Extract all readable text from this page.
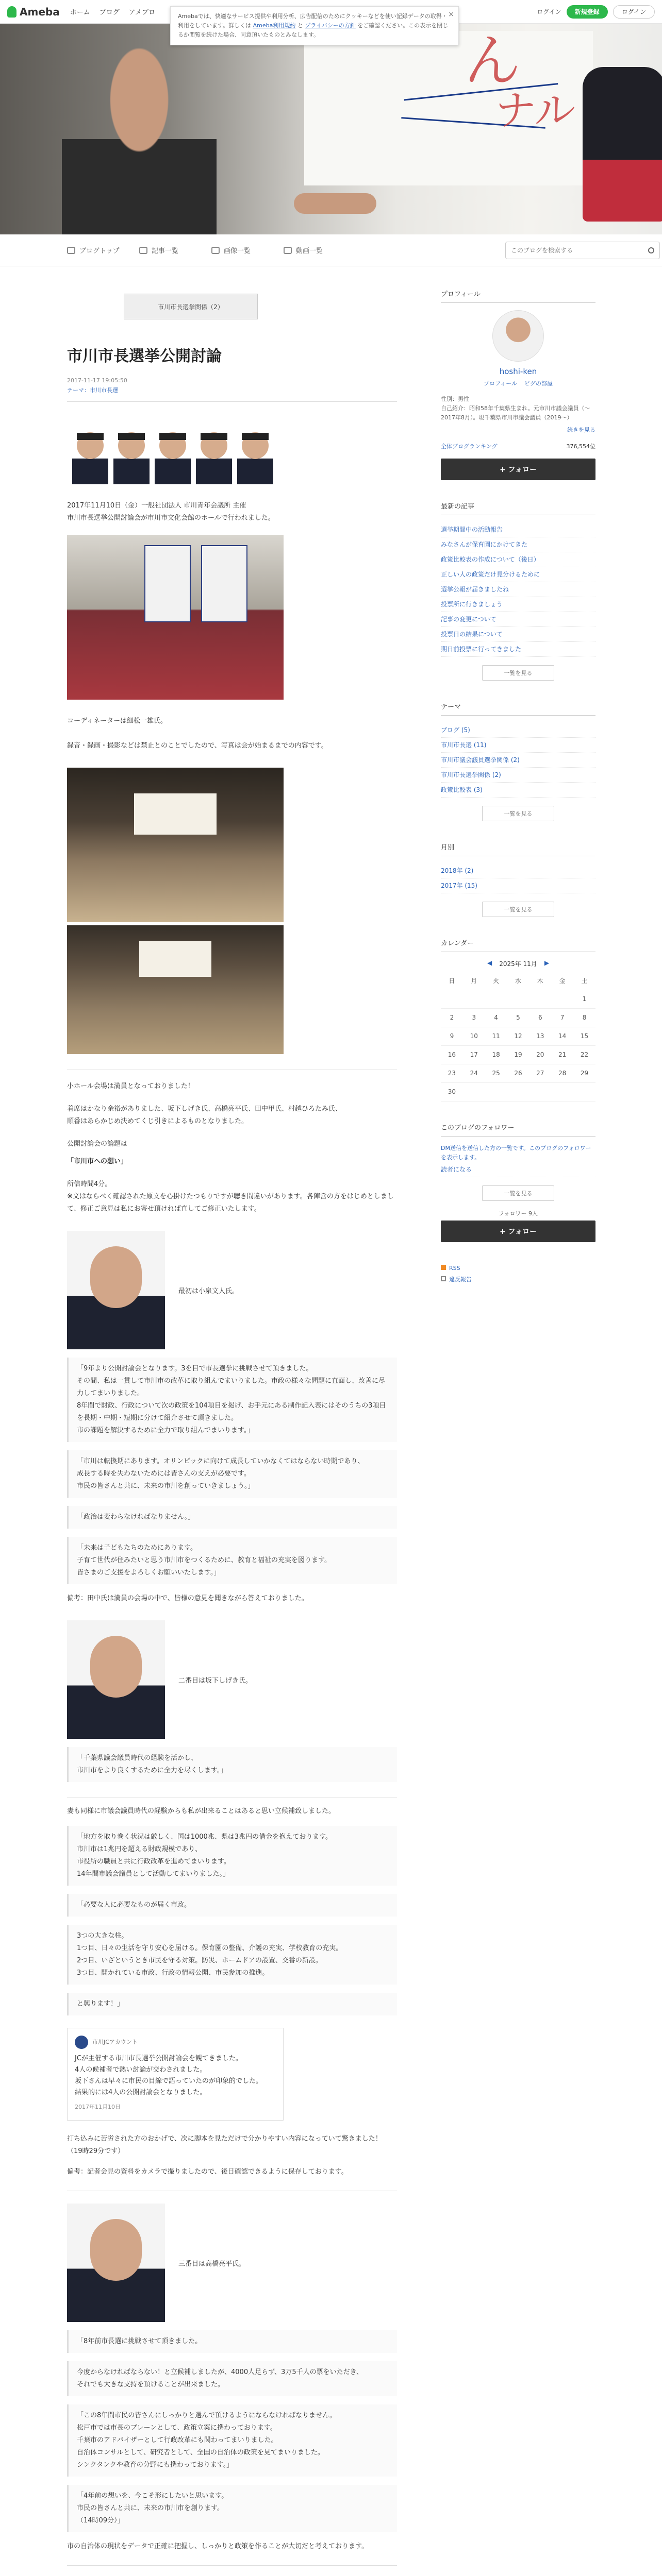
ん
ナル
Ameba ホーム ブログ アメブロ	ログイン	新規登録	ログイン
Amebaでは、快適なサービス提供や利用分析、広告配信のためにクッキーなどを使い記録データの取得・利用をしています。詳しくは Ameba利用規約 と プライバシーの方針 をご確認ください。この表示を閉じるか閲覧を続けた場合、同意頂いたものとみなします。
×
ブログトップ	記事一覧	画像一覧	動画一覧
このブログを検索する
市川市長選挙関係（2）
市川市長選挙公開討論
2017-11-17 19:05:50
テーマ：市川市長選

2017年11月10日（金）一般社団法人 市川青年会議所 主催
市川市長選挙公開討論会が市川市文化会館のホールで行われました。

コーディネーターは細松一雄氏。

録音・録画・撮影などは禁止とのことでしたので、写真は会が始まるまでの内容です。

小ホール会場は満員となっておりました！

着席はかなり余裕がありました、坂下しげき氏、高橋亮平氏、田中甲氏、村越ひろたみ氏、
順番はあらかじめ決めてくじ引きによるものとなりました。

公開討論会の論題は

「市川市への想い」

所信時間4分。
※文はならべく確認された原文を心掛けたつもりですが聴き間違いがあります。各陣営の方をはじめとしまして、修正ご意見は私にお寄せ頂ければ直してご修正いたします。

最初は小泉文人氏。
「9年より公開討論会となります。3を目で市長選挙に挑戦させて頂きました。
その間、私は一貫して市川市の改革に取り組んでまいりました。市政の様々な問題に直面し、改善に尽力してまいりました。
8年間で財政、行政について次の政策を104項目を掲げ、お手元にある制作記入表にはそのうちの3項目を長期・中期・短期に分けて紹介させて頂きました。
市の課題を解決するために全力で取り組んでまいります。」
「市川は転換期にあります。オリンピックに向けて成長していかなくてはならない時期であり、
成長する時を失わないためには皆さんの支えが必要です。
市民の皆さんと共に、未来の市川を創っていきましょう。」
「政治は変わらなければなりません。」
「未来は子どもたちのためにあります。
子育て世代が住みたいと思う市川市をつくるために、教育と福祉の充実を図ります。
皆さまのご支援をよろしくお願いいたします。」

偏考：田中氏は満員の会場の中で、皆様の意見を聞きながら答えておりました。

二番目は坂下しげき氏。
「千葉県議会議員時代の経験を活かし、
市川市をより良くするために全力を尽くします。」

妻も同様に市議会議員時代の経験からも私が出来ることはあると思い立候補致しました。

「地方を取り巻く状況は厳しく、国は1000兆、県は3兆円の借金を抱えております。
市川市は1兆円を超える財政規模であり、
市役所の職員と共に行政改革を進めてまいります。
14年間市議会議員として活動してまいりました。」
「必要な人に必要なものが届く市政。
3つの大きな柱。
1つ目、日々の生活を守り安心を届ける。保育園の整備、介護の充実、学校教育の充実。
2つ目、いざというとき市民を守る対策。防災、ホームドアの設置、交番の新設。
3つ目、開かれている市政、行政の情報公開、市民参加の推進。
と興ります！」
市川JCアカウント
JCが主催する市川市長選挙公開討論会を観てきました。
4人の候補者で熱い討論が交わされました。
坂下さんは早々に市民の目線で語っていたのが印象的でした。
結果的には4人の公開討論会となりました。
2017年11月10日

打ち込みに苦労された方のおかげで、次に脚本を見ただけで分かりやすい内容になっていて驚きました！（19時29分です）

偏考：記者会見の資料をカメラで撮りましたので、後日確認できるように保存しております。

三番目は高橋亮平氏。
「8年前市長選に挑戦させて頂きました。
今度からなければならない！と立候補しましたが、4000人足らず、3万5千人の票をいただき、
それでも大きな支持を頂けることが出来ました。
「この8年間市民の皆さんにしっかりと選んで頂けるようにならなければなりません。
松戸市では市長のブレーンとして、政策立案に携わっております。
千葉市のアドバイザーとして行政改革にも関わってまいりました。
自治体コンサルとして、研究者として、全国の自治体の政策を見てまいりました。
シンクタンクや教育の分野にも携わっております。」
「4年前の想いを、今こそ形にしたいと思います。
市民の皆さんと共に、未来の市川市を創ります。
（14時09分）」

市の自治体の現状をデータで正確に把握し、しっかりと政策を作ることが大切だと考えております。

プロフィール
hoshi-ken
プロフィール ピグの部屋

性別：男性
自己紹介：昭和58年千葉県生まれ。元市川市議会議員（〜2017年8月）。現千葉県市川市議会議員（2019〜）

続きを見る
全体ブログランキング	376,554位
+ フォロー
最新の記事
選挙期間中の活動報告
みなさんが保育園にかけてきた
政策比較表の作成について（後日）
正しい人の政策だけ見分けるために
選挙公報が届きましたね
投票所に行きましょう
記事の変更について
投票日の結果について
期日前投票に行ってきました
一覧を見る
テーマ
ブログ (5)
市川市長選 (11)
市川市議会議員選挙関係 (2)
市川市長選挙関係 (2)
政策比較表 (3)
一覧を見る
月別
2018年 (2)
2017年 (15)
一覧を見る
カレンダー
◀ 2025年 11月 ▶
日	月	火	水	木	金	土
						1
2	3	4	5	6	7	8
9	10	11	12	13	14	15
16	17	18	19	20	21	22
23	24	25	26	27	28	29
30						
このブログのフォロワー

DM送信を送信した方の一覧です。このブログのフォロワーを表示します。

読者になる
一覧を見る
フォロワー 9人
+ フォロー
RSS
違反報告
